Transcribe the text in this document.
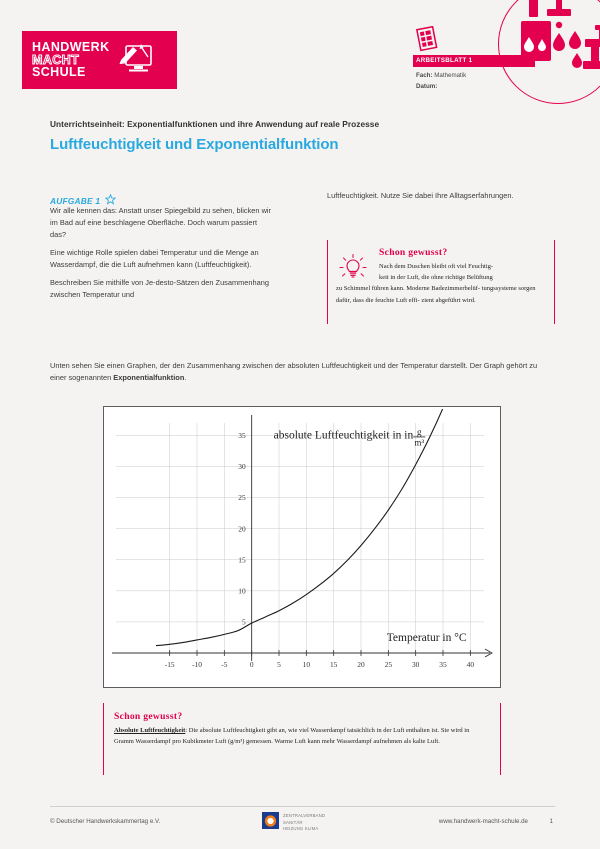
HANDWERK
MACHT
SCHULE
ARBEITSBLATT 1
Fach: Mathematik
Datum:
Unterrichtseinheit: Exponentialfunktionen und ihre Anwendung auf reale Prozesse
Luftfeuchtigkeit und Exponentialfunktion
AUFGABE 1

Wir alle kennen das: Anstatt unser Spiegelbild zu sehen, blicken wir im Bad auf eine beschlagene Oberfläche. Doch warum passiert das?

Eine wichtige Rolle spielen dabei Temperatur und die Menge an Wasserdampf, die die Luft aufnehmen kann (Luftfeuchtigkeit).

Beschreiben Sie mithilfe von Je-desto-Sätzen den Zusammenhang zwischen Temperatur und

Luftfeuchtigkeit. Nutze Sie dabei Ihre Alltagserfahrungen.

Schon gewusst?
Nach dem Duschen bleibt oft viel Feuchtig-
keit in der Luft, die ohne richtige Belüftung
zu Schimmel führen kann. Moderne Badezimmerbelüf- tungssysteme sorgen dafür, dass die feuchte Luft effi- zient abgeführt wird.
Unten sehen Sie einen Graphen, der den Zusammenhang zwischen der absoluten Luftfeuchtigkeit und der Temperatur darstellt. Der Graph gehört zu einer sogenannten Exponentialfunktion.
-15 -10	-5	0	5	10	15	20	25	30	35	40
5
10
15
20
25
30
35 absolute Luftfeuchtigkeit in in g
m³
Temperatur in °C
Schon gewusst?
Absolute Luftfeuchtigkeit: Die absolute Luftfeuchtigkeit gibt an, wie viel Wasserdampf tatsächlich in der Luft enthalten ist. Sie wird in Gramm Wasserdampf pro Kubikmeter Luft (g/m³) gemessen. Warme Luft kann mehr Wasserdampf aufnehmen als kalte Luft.
© Deutscher Handwerkskammertag e.V.
ZENTRALVERBAND
SANITÄR
HEIZUNG KLIMA
www.handwerk-macht-schule.de	1
